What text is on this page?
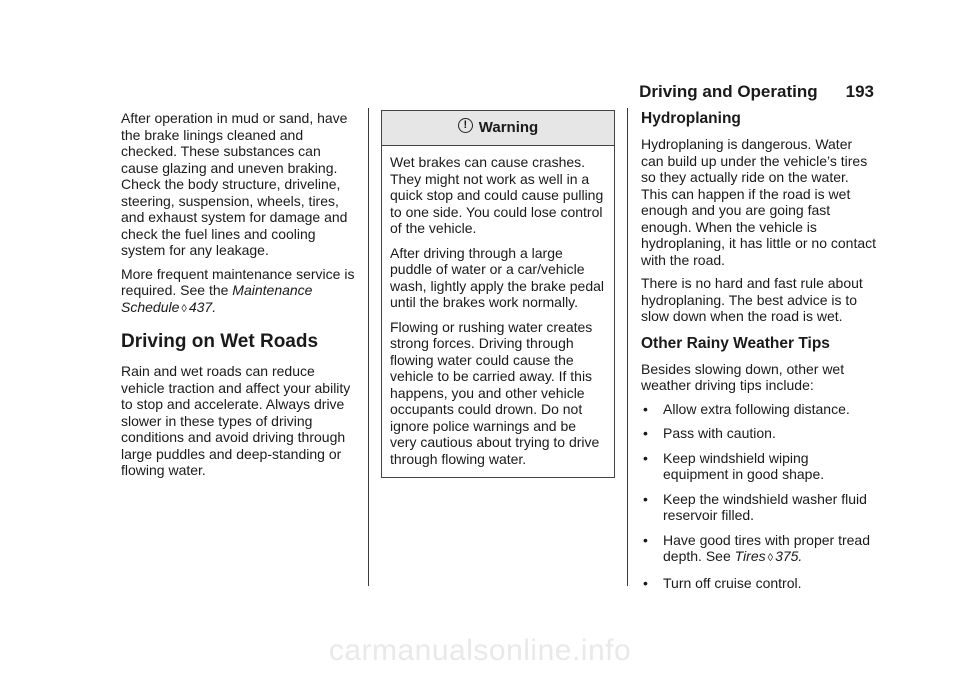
Driving and Operating 193

After operation in mud or sand, have the brake linings cleaned and checked. These substances can cause glazing and uneven braking. Check the body structure, driveline, steering, suspension, wheels, tires, and exhaust system for damage and check the fuel lines and cooling system for any leakage.

More frequent maintenance service is required. See the Maintenance Schedule ◊ 437.

Driving on Wet Roads

Rain and wet roads can reduce vehicle traction and affect your ability to stop and accelerate. Always drive slower in these types of driving conditions and avoid driving through large puddles and deep-standing or flowing water.

! Warning

Wet brakes can cause crashes. They might not work as well in a quick stop and could cause pulling to one side. You could lose control of the vehicle.

After driving through a large puddle of water or a car/vehicle wash, lightly apply the brake pedal until the brakes work normally.

Flowing or rushing water creates strong forces. Driving through flowing water could cause the vehicle to be carried away. If this happens, you and other vehicle occupants could drown. Do not ignore police warnings and be very cautious about trying to drive through flowing water.

Hydroplaning

Hydroplaning is dangerous. Water can build up under the vehicle’s tires so they actually ride on the water. This can happen if the road is wet enough and you are going fast enough. When the vehicle is hydroplaning, it has little or no contact with the road.

There is no hard and fast rule about hydroplaning. The best advice is to slow down when the road is wet.

Other Rainy Weather Tips

Besides slowing down, other wet weather driving tips include:

• Allow extra following distance.
• Pass with caution.
• Keep windshield wiping equipment in good shape.
• Keep the windshield washer fluid reservoir filled.
• Have good tires with proper tread depth. See Tires ◊ 375.
• Turn off cruise control.
carmanualsonline.info
